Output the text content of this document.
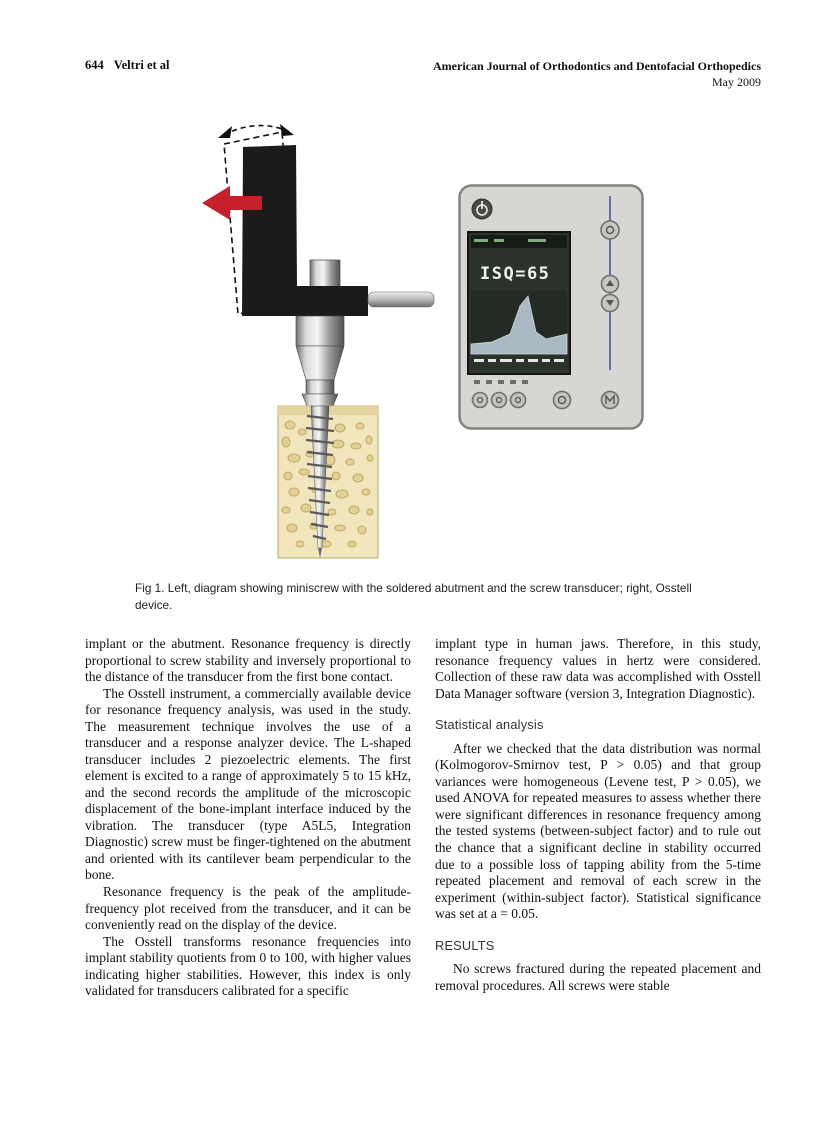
644 Veltri et al	American Journal of Orthodontics and Dentofacial Orthopedics
May 2009
ISQ=65
Fig 1. Left, diagram showing miniscrew with the soldered abutment and the screw transducer; right, Osstell device.

implant or the abutment. Resonance frequency is directly proportional to screw stability and inversely proportional to the distance of the transducer from the first bone contact.

The Osstell instrument, a commercially available device for resonance frequency analysis, was used in the study. The measurement technique involves the use of a transducer and a response analyzer device. The L-shaped transducer includes 2 piezoelectric elements. The first element is excited to a range of approximately 5 to 15 kHz, and the second records the amplitude of the microscopic displacement of the bone-implant interface induced by the vibration. The transducer (type A5L5, Integration Diagnostic) screw must be finger-tightened on the abutment and oriented with its cantilever beam perpendicular to the bone.

Resonance frequency is the peak of the amplitude-frequency plot received from the transducer, and it can be conveniently read on the display of the device.

The Osstell transforms resonance frequencies into implant stability quotients from 0 to 100, with higher values indicating higher stabilities. However, this index is only validated for transducers calibrated for a specific

implant type in human jaws. Therefore, in this study, resonance frequency values in hertz were considered. Collection of these raw data was accomplished with Osstell Data Manager software (version 3, Integration Diagnostic).

Statistical analysis

After we checked that the data distribution was normal (Kolmogorov-Smirnov test, P > 0.05) and that group variances were homogeneous (Levene test, P > 0.05), we used ANOVA for repeated measures to assess whether there were significant differences in resonance frequency among the tested systems (between-subject factor) and to rule out the chance that a significant decline in stability occurred due to a possible loss of tapping ability from the 5-time repeated placement and removal of each screw in the experiment (within-subject factor). Statistical significance was set at a = 0.05.

RESULTS

No screws fractured during the repeated placement and removal procedures. All screws were stable
